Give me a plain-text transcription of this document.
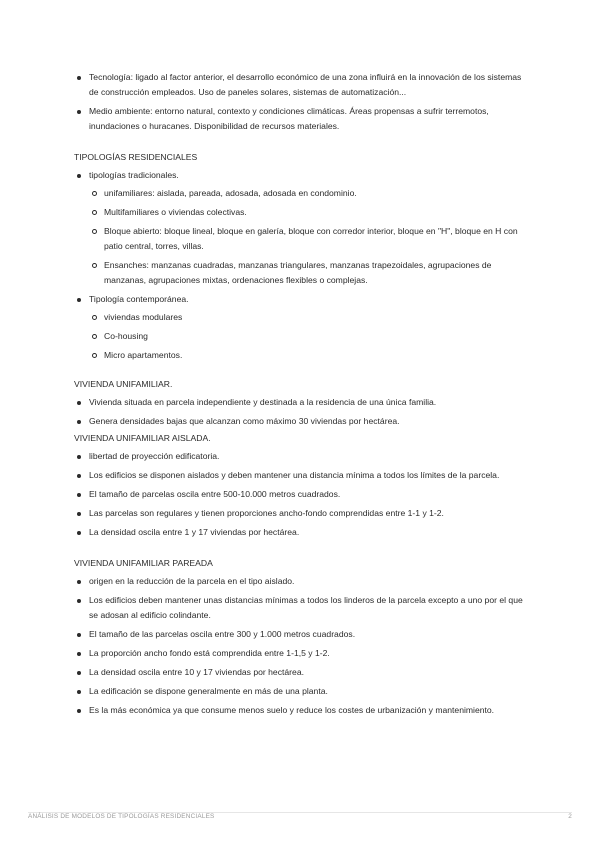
Tecnología: ligado al factor anterior, el desarrollo económico de una zona influirá en la innovación de los sistemas de construcción empleados. Uso de paneles solares, sistemas de automatización...
Medio ambiente: entorno natural, contexto y condiciones climáticas. Áreas propensas a sufrir terremotos, inundaciones o huracanes. Disponibilidad de recursos materiales.
TIPOLOGÍAS RESIDENCIALES
tipologías tradicionales.
unifamiliares: aislada, pareada, adosada, adosada en condominio.
Multifamiliares o viviendas colectivas.
Bloque abierto: bloque lineal, bloque en galería, bloque con corredor interior, bloque en "H", bloque en H con patio central, torres, villas.
Ensanches: manzanas cuadradas, manzanas triangulares, manzanas trapezoidales, agrupaciones de manzanas, agrupaciones mixtas, ordenaciones flexibles o complejas.
Tipología contemporánea.
viviendas modulares
Co-housing
Micro apartamentos.
VIVIENDA UNIFAMILIAR.
Vivienda situada en parcela independiente y destinada a la residencia de una única familia.
Genera densidades bajas que alcanzan como máximo 30 viviendas por hectárea.
VIVIENDA UNIFAMILIAR AISLADA.
libertad de proyección edificatoria.
Los edificios se disponen aislados y deben mantener una distancia mínima a todos los límites de la parcela.
El tamaño de parcelas oscila entre 500-10.000 metros cuadrados.
Las parcelas son regulares y tienen proporciones ancho-fondo comprendidas entre 1-1 y 1-2.
La densidad oscila entre 1 y 17 viviendas por hectárea.
VIVIENDA UNIFAMILIAR PAREADA
origen en la reducción de la parcela en el tipo aislado.
Los edificios deben mantener unas distancias mínimas a todos los linderos de la parcela excepto a uno por el que se adosan al edificio colindante.
El tamaño de las parcelas oscila entre 300 y 1.000 metros cuadrados.
La proporción ancho fondo está comprendida entre 1-1,5 y 1-2.
La densidad oscila entre 10 y 17 viviendas por hectárea.
La edificación se dispone generalmente en más de una planta.
Es la más económica ya que consume menos suelo y reduce los costes de urbanización y mantenimiento.
ANÁLISIS DE MODELOS DE TIPOLOGÍAS RESIDENCIALES	2
